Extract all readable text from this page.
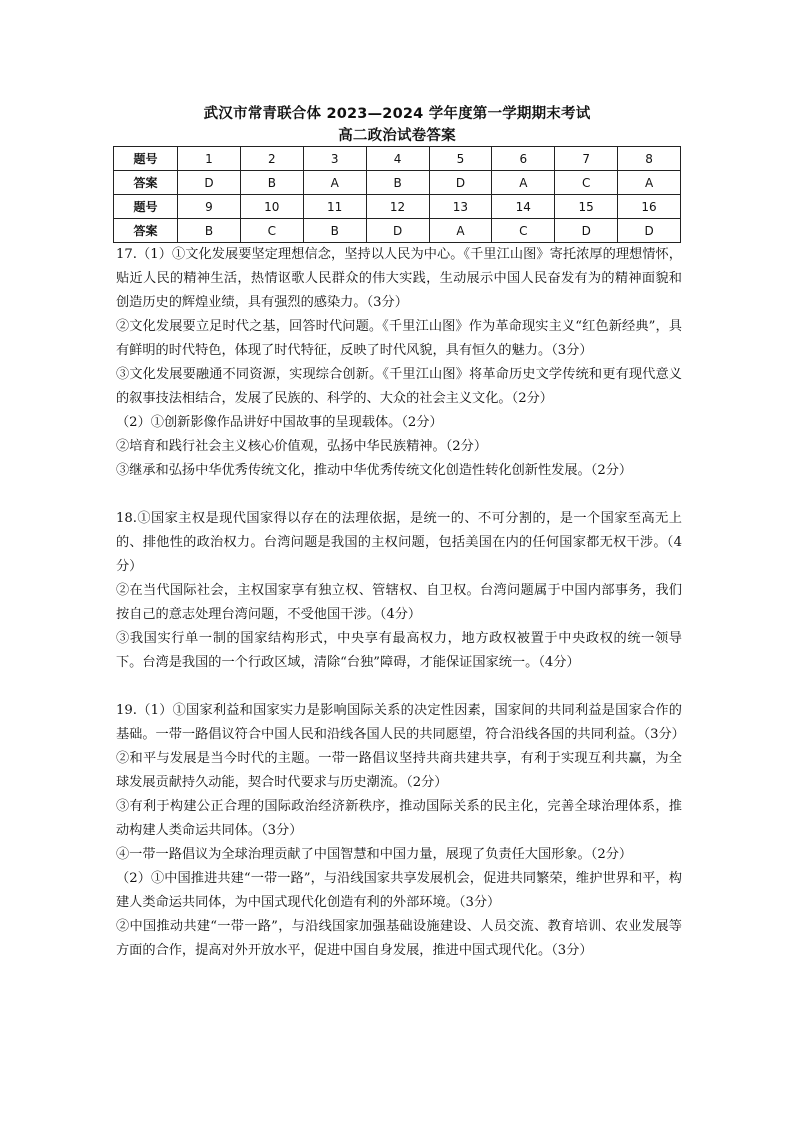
武汉市常青联合体 2023—2024 学年度第一学期期末考试
高二政治试卷答案
题号	1	2	3	4	5	6	7	8
答案	D	B	A	B	D	A	C	A
题号	9	10	11	12	13	14	15	16
答案	B	C	B	D	A	C	D	D

17.（1）①文化发展要坚定理想信念，坚持以人民为中心。《千里江山图》寄托浓厚的理想情怀，贴近人民的精神生活，热情讴歌人民群众的伟大实践，生动展示中国人民奋发有为的精神面貌和创造历史的辉煌业绩，具有强烈的感染力。（3分）

②文化发展要立足时代之基，回答时代问题。《千里江山图》作为革命现实主义“红色新经典”，具有鲜明的时代特色，体现了时代特征，反映了时代风貌，具有恒久的魅力。（3分）

③文化发展要融通不同资源，实现综合创新。《千里江山图》将革命历史文学传统和更有现代意义的叙事技法相结合，发展了民族的、科学的、大众的社会主义文化。（2分）

（2）①创新影像作品讲好中国故事的呈现载体。（2分）

②培育和践行社会主义核心价值观，弘扬中华民族精神。（2分）

③继承和弘扬中华优秀传统文化，推动中华优秀传统文化创造性转化创新性发展。（2分）

18.①国家主权是现代国家得以存在的法理依据，是统一的、不可分割的，是一个国家至高无上的、排他性的政治权力。台湾问题是我国的主权问题，包括美国在内的任何国家都无权干涉。（4分）

②在当代国际社会，主权国家享有独立权、管辖权、自卫权。台湾问题属于中国内部事务，我们按自己的意志处理台湾问题，不受他国干涉。（4分）

③我国实行单一制的国家结构形式，中央享有最高权力，地方政权被置于中央政权的统一领导下。台湾是我国的一个行政区域，清除“台独”障碍，才能保证国家统一。（4分）

19.（1）①国家利益和国家实力是影响国际关系的决定性因素，国家间的共同利益是国家合作的基础。一带一路倡议符合中国人民和沿线各国人民的共同愿望，符合沿线各国的共同利益。（3分）

②和平与发展是当今时代的主题。一带一路倡议坚持共商共建共享，有利于实现互利共赢，为全球发展贡献持久动能，契合时代要求与历史潮流。（2分）

③有利于构建公正合理的国际政治经济新秩序，推动国际关系的民主化，完善全球治理体系，推动构建人类命运共同体。（3分）

④一带一路倡议为全球治理贡献了中国智慧和中国力量，展现了负责任大国形象。（2分）

（2）①中国推进共建“一带一路”，与沿线国家共享发展机会，促进共同繁荣，维护世界和平，构建人类命运共同体，为中国式现代化创造有利的外部环境。（3分）

②中国推动共建“一带一路”，与沿线国家加强基础设施建设、人员交流、教育培训、农业发展等方面的合作，提高对外开放水平，促进中国自身发展，推进中国式现代化。（3分）
